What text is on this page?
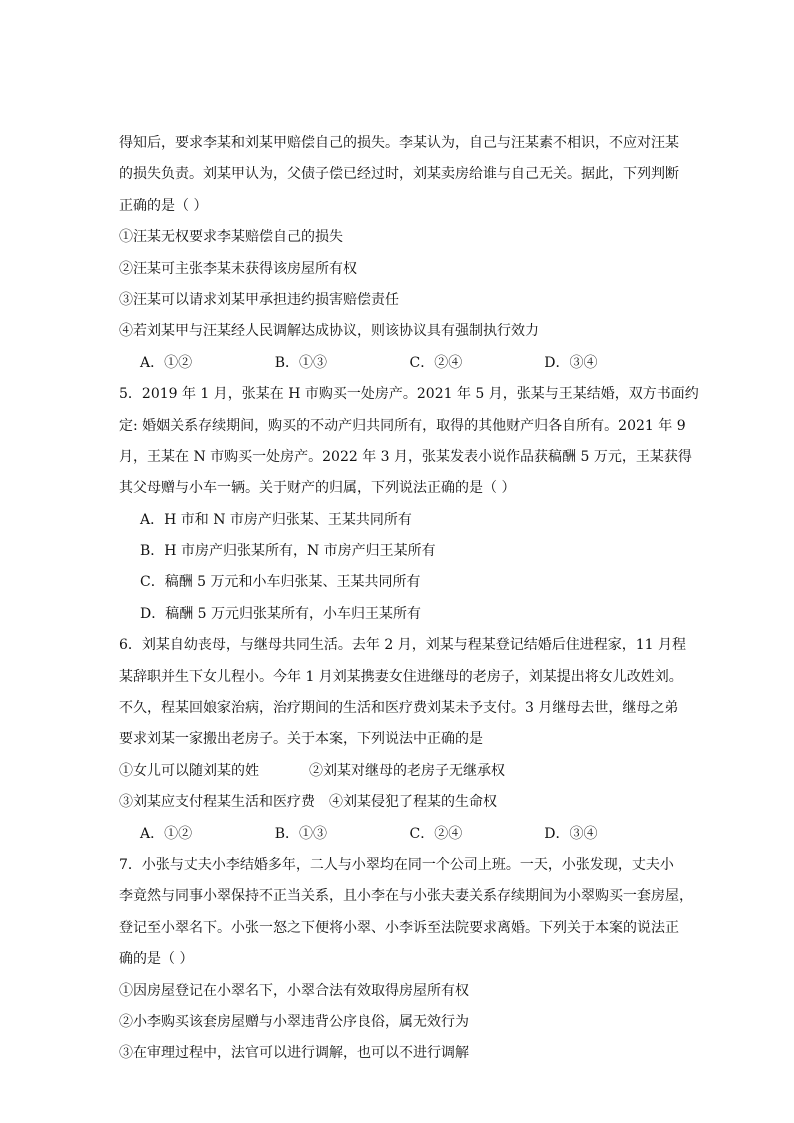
得知后，要求李某和刘某甲赔偿自己的损失。李某认为，自己与汪某素不相识，不应对汪某
的损失负责。刘某甲认为，父债子偿已经过时，刘某卖房给谁与自己无关。据此，下列判断
正确的是（ ）
①汪某无权要求李某赔偿自己的损失
②汪某可主张李某未获得该房屋所有权
③汪某可以请求刘某甲承担违约损害赔偿责任
④若刘某甲与汪某经人民调解达成协议，则该协议具有强制执行效力
A．①②	B．①③	C．②④	D．③④
5．2019 年 1 月，张某在 H 市购买一处房产。2021 年 5 月，张某与王某结婚，双方书面约
定: 婚姻关系存续期间，购买的不动产归共同所有，取得的其他财产归各自所有。2021 年 9
月，王某在 N 市购买一处房产。2022 年 3 月，张某发表小说作品获稿酬 5 万元，王某获得
其父母赠与小车一辆。关于财产的归属，下列说法正确的是（ ）
A．H 市和 N 市房产归张某、王某共同所有
B．H 市房产归张某所有，N 市房产归王某所有
C．稿酬 5 万元和小车归张某、王某共同所有
D．稿酬 5 万元归张某所有，小车归王某所有
6．刘某自幼丧母，与继母共同生活。去年 2 月，刘某与程某登记结婚后住进程家，11 月程
某辞职并生下女儿程小。今年 1 月刘某携妻女住进继母的老房子，刘某提出将女儿改姓刘。
不久，程某回娘家治病，治疗期间的生活和医疗费刘某未予支付。3 月继母去世，继母之弟
要求刘某一家搬出老房子。关于本案，下列说法中正确的是
①女儿可以随刘某的姓	②刘某对继母的老房子无继承权
③刘某应支付程某生活和医疗费	④刘某侵犯了程某的生命权
A．①②	B．①③	C．②④	D．③④
7．小张与丈夫小李结婚多年，二人与小翠均在同一个公司上班。一天，小张发现，丈夫小
李竟然与同事小翠保持不正当关系，且小李在与小张夫妻关系存续期间为小翠购买一套房屋，
登记至小翠名下。小张一怒之下便将小翠、小李诉至法院要求离婚。下列关于本案的说法正
确的是（ ）
①因房屋登记在小翠名下，小翠合法有效取得房屋所有权
②小李购买该套房屋赠与小翠违背公序良俗，属无效行为
③在审理过程中，法官可以进行调解，也可以不进行调解
